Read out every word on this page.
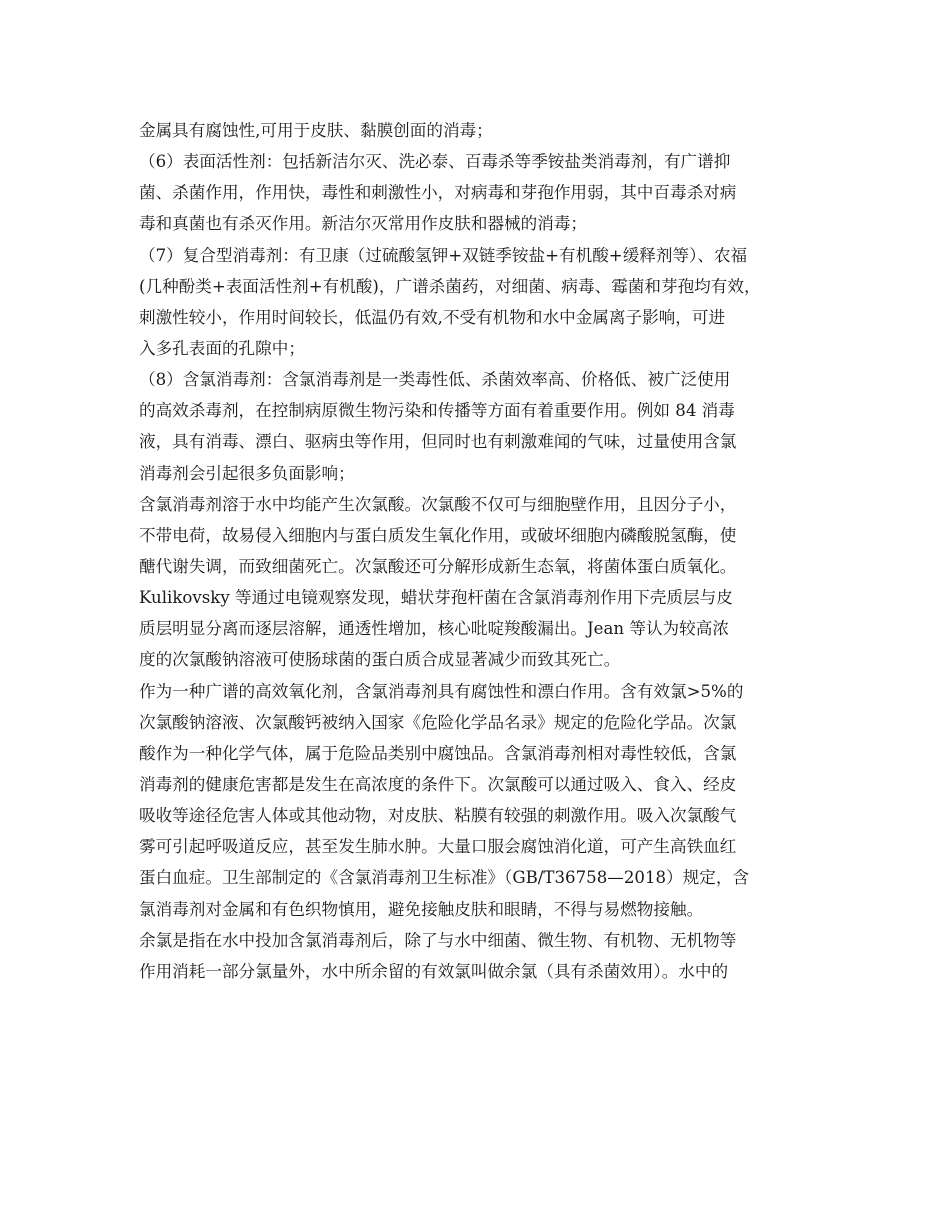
金属具有腐蚀性,可用于皮肤、黏膜创面的消毒；
（6）表面活性剂：包括新洁尔灭、洗必泰、百毒杀等季铵盐类消毒剂，有广谱抑
菌、杀菌作用，作用快，毒性和刺激性小，对病毒和芽孢作用弱，其中百毒杀对病
毒和真菌也有杀灭作用。新洁尔灭常用作皮肤和器械的消毒；
（7）复合型消毒剂：有卫康（过硫酸氢钾+双链季铵盐+有机酸+缓释剂等）、农福
(几种酚类+表面活性剂+有机酸)，广谱杀菌药，对细菌、病毒、霉菌和芽孢均有效，
刺激性较小，作用时间较长，低温仍有效,不受有机物和水中金属离子影响，可进
入多孔表面的孔隙中；
（8）含氯消毒剂：含氯消毒剂是一类毒性低、杀菌效率高、价格低、被广泛使用
的高效杀毒剂，在控制病原微生物污染和传播等方面有着重要作用。例如 84 消毒
液，具有消毒、漂白、驱病虫等作用，但同时也有刺激难闻的气味，过量使用含氯
消毒剂会引起很多负面影响；
含氯消毒剂溶于水中均能产生次氯酸。次氯酸不仅可与细胞壁作用，且因分子小，
不带电荷，故易侵入细胞内与蛋白质发生氧化作用，或破坏细胞内磷酸脱氢酶，使
醣代谢失调，而致细菌死亡。次氯酸还可分解形成新生态氧，将菌体蛋白质氧化。
Kulikovsky 等通过电镜观察发现，蜡状芽孢杆菌在含氯消毒剂作用下壳质层与皮
质层明显分离而逐层溶解，通透性增加，核心吡啶羧酸漏出。Jean 等认为较高浓
度的次氯酸钠溶液可使肠球菌的蛋白质合成显著减少而致其死亡。
作为一种广谱的高效氧化剂，含氯消毒剂具有腐蚀性和漂白作用。含有效氯>5%的
次氯酸钠溶液、次氯酸钙被纳入国家《危险化学品名录》规定的危险化学品。次氯
酸作为一种化学气体，属于危险品类别中腐蚀品。含氯消毒剂相对毒性较低，含氯
消毒剂的健康危害都是发生在高浓度的条件下。次氯酸可以通过吸入、食入、经皮
吸收等途径危害人体或其他动物，对皮肤、粘膜有较强的刺激作用。吸入次氯酸气
雾可引起呼吸道反应，甚至发生肺水肿。大量口服会腐蚀消化道，可产生高铁血红
蛋白血症。卫生部制定的《含氯消毒剂卫生标准》（GB/T36758—2018）规定，含
氯消毒剂对金属和有色织物慎用，避免接触皮肤和眼睛，不得与易燃物接触。
余氯是指在水中投加含氯消毒剂后，除了与水中细菌、微生物、有机物、无机物等
作用消耗一部分氯量外，水中所余留的有效氯叫做余氯（具有杀菌效用）。水中的
